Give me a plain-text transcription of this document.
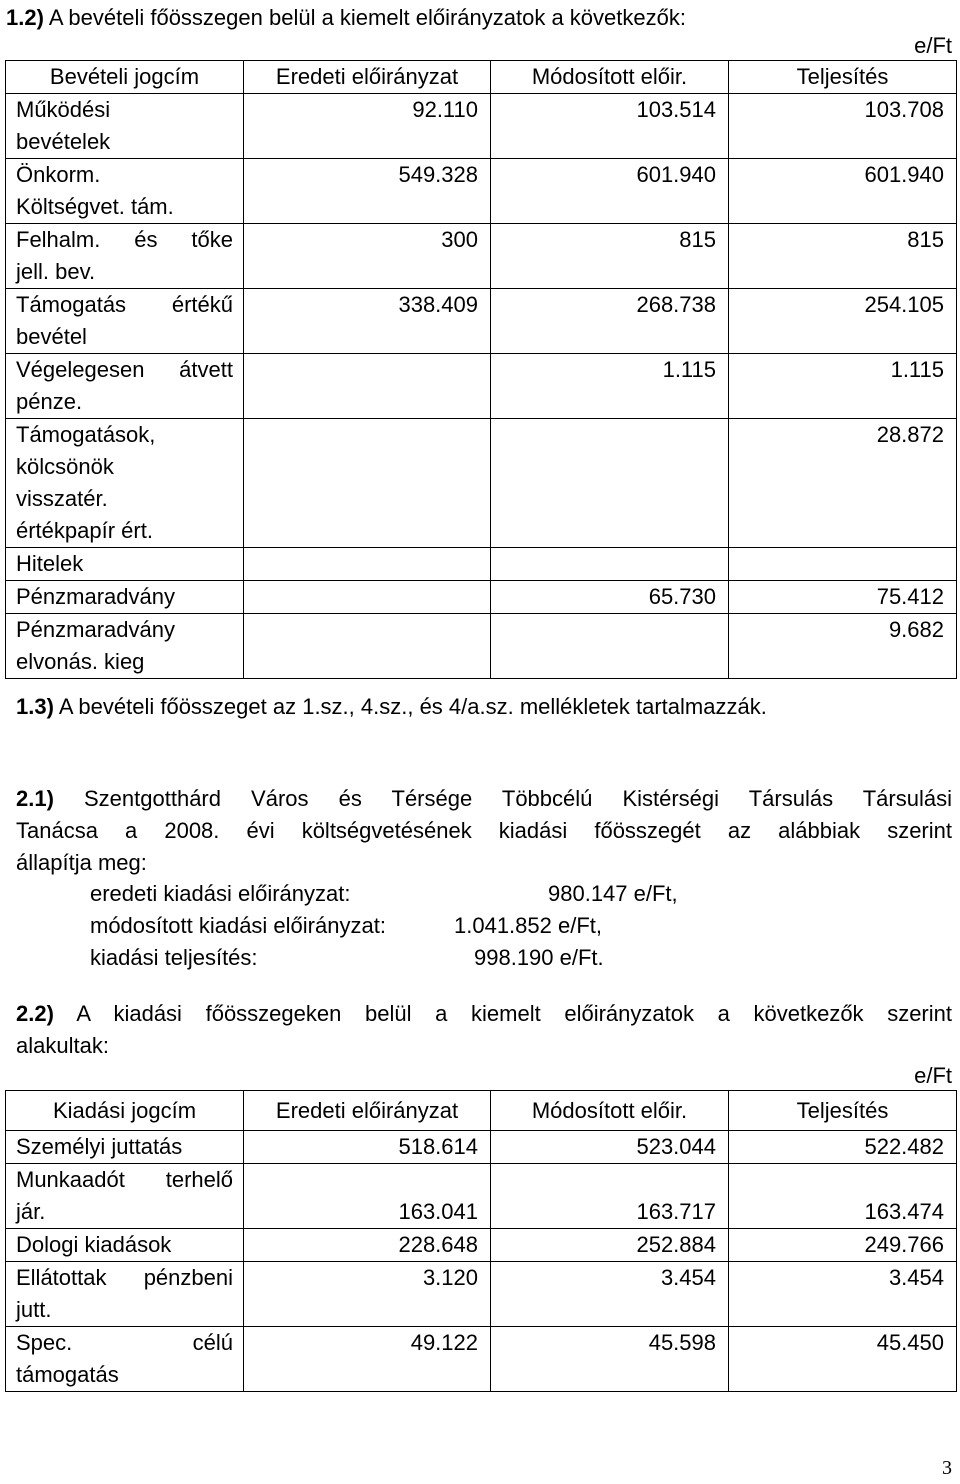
1.2) A bevételi főösszegen belül a kiemelt előirányzatok a következők:
e/Ft
Bevételi jogcím	Eredeti előirányzat	Módosított előir.	Teljesítés

Működési
bevételek	92.110	103.514	103.708

Önkorm.
Költségvet. tám.	549.328	601.940	601.940

Felhalm. és tőke
jell. bev.	300	815	815

Támogatás értékű
bevétel	338.409	268.738	254.105

Végelegesen átvett
pénze.		1.115	1.115

Támogatások,
kölcsönök
visszatér.
értékpapír ért.			28.872

Hitelek			

Pénzmaradvány		65.730	75.412

Pénzmaradvány
elvonás. kieg			9.682
1.3) A bevételi főösszeget az 1.sz., 4.sz., és 4/a.sz. mellékletek tartalmazzák.
2.1) Szentgotthárd Város és Térsége Többcélú Kistérségi Társulás Társulási
Tanácsa a 2008. évi költségvetésének kiadási főösszegét az alábbiak szerint
állapítja meg:
eredeti kiadási előirányzat:	980.147 e/Ft,
módosított kiadási előirányzat:	1.041.852 e/Ft,
kiadási teljesítés:	998.190 e/Ft.
2.2) A kiadási főösszegeken belül a kiemelt előirányzatok a következők szerint
alakultak:
e/Ft
Kiadási jogcím	Eredeti előirányzat	Módosított előir.	Teljesítés

Személyi juttatás	518.614	523.044	522.482

Munkaadót terhelő
jár.	163.041	163.717	163.474

Dologi kiadások	228.648	252.884	249.766

Ellátottak pénzbeni
jutt.	3.120	3.454	3.454

Spec. célú
támogatás	49.122	45.598	45.450
3
